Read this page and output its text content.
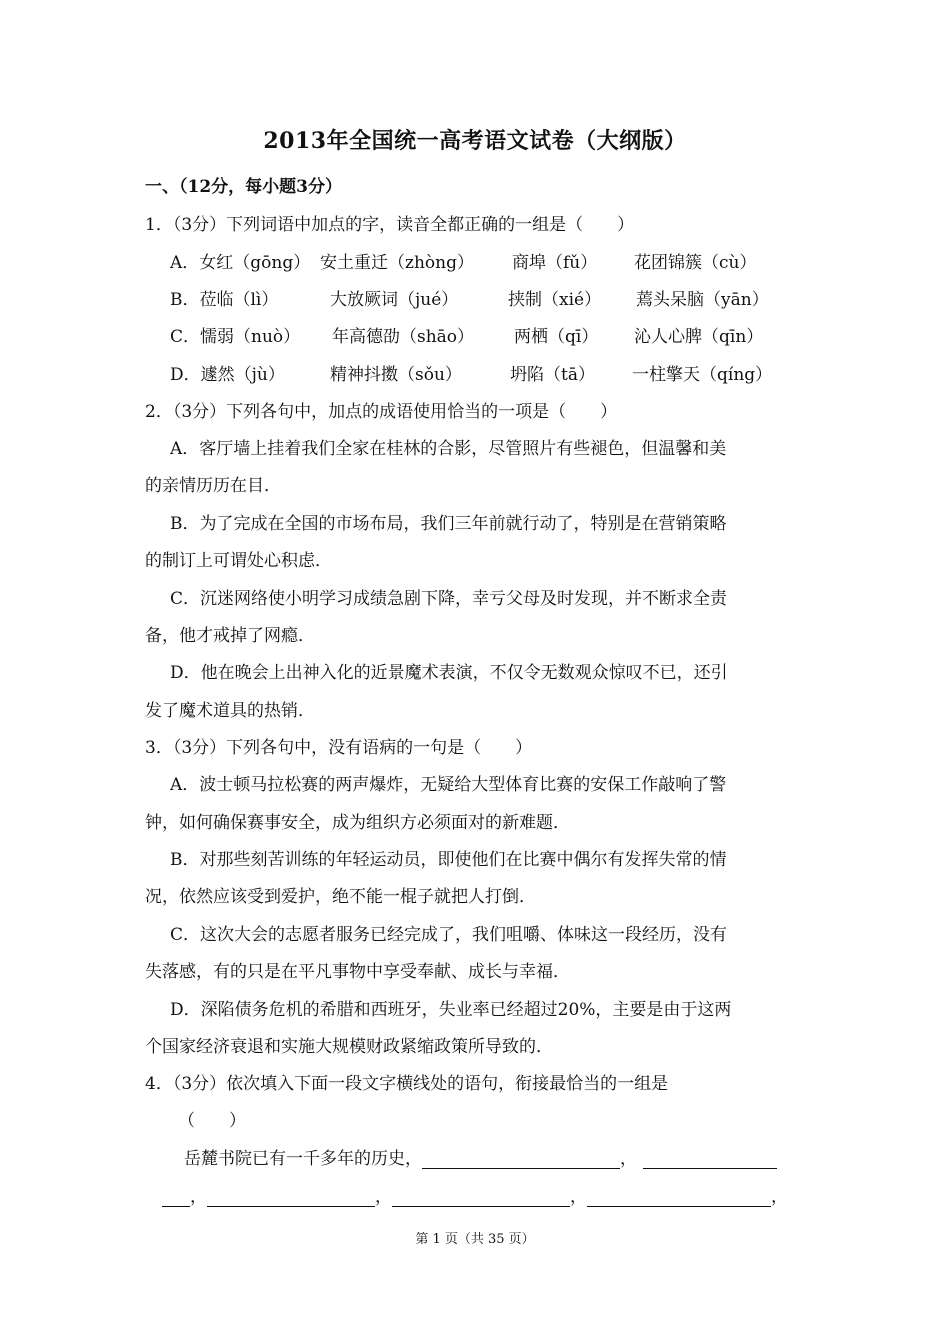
2013年全国统一高考语文试卷（大纲版）
一、（12分，每小题3分）
1．（3分）下列词语中加点的字，读音全都正确的一组是（　　）
A．女红（gōng） 安土重迁（zhòng） 商埠（fǔ） 花团锦簇（cù）
B．莅临（lì）	大放厥词（jué）	挟制（xié） 蔫头呆脑（yān）
C．懦弱（nuò） 年高德劭（shāo） 两栖（qī） 沁人心脾（qīn）
D．遽然（jù）	精神抖擞（sǒu）	坍陷（tā） 一柱擎天（qíng）
2．（3分）下列各句中，加点的成语使用恰当的一项是（　　）
A．客厅墙上挂着我们全家在桂林的合影，尽管照片有些褪色，但温馨和美
的亲情历历在目．
B．为了完成在全国的市场布局，我们三年前就行动了，特别是在营销策略
的制订上可谓处心积虑．
C．沉迷网络使小明学习成绩急剧下降，幸亏父母及时发现，并不断求全责
备，他才戒掉了网瘾．
D．他在晚会上出神入化的近景魔术表演，不仅令无数观众惊叹不已，还引
发了魔术道具的热销．
3．（3分）下列各句中，没有语病的一句是（　　）
A．波士顿马拉松赛的两声爆炸，无疑给大型体育比赛的安保工作敲响了警
钟，如何确保赛事安全，成为组织方必须面对的新难题．
B．对那些刻苦训练的年轻运动员，即使他们在比赛中偶尔有发挥失常的情
况，依然应该受到爱护，绝不能一棍子就把人打倒．
C．这次大会的志愿者服务已经完成了，我们咀嚼、体味这一段经历，没有
失落感，有的只是在平凡事物中享受奉献、成长与幸福．
D．深陷债务危机的希腊和西班牙，失业率已经超过20%，主要是由于这两
个国家经济衰退和实施大规模财政紧缩政策所导致的．
4．（3分）依次填入下面一段文字横线处的语句，衔接最恰当的一组是
（　　）
岳麓书院已有一千多年的历史，	，
，	，	，	，
第 1 页（共 35 页）
